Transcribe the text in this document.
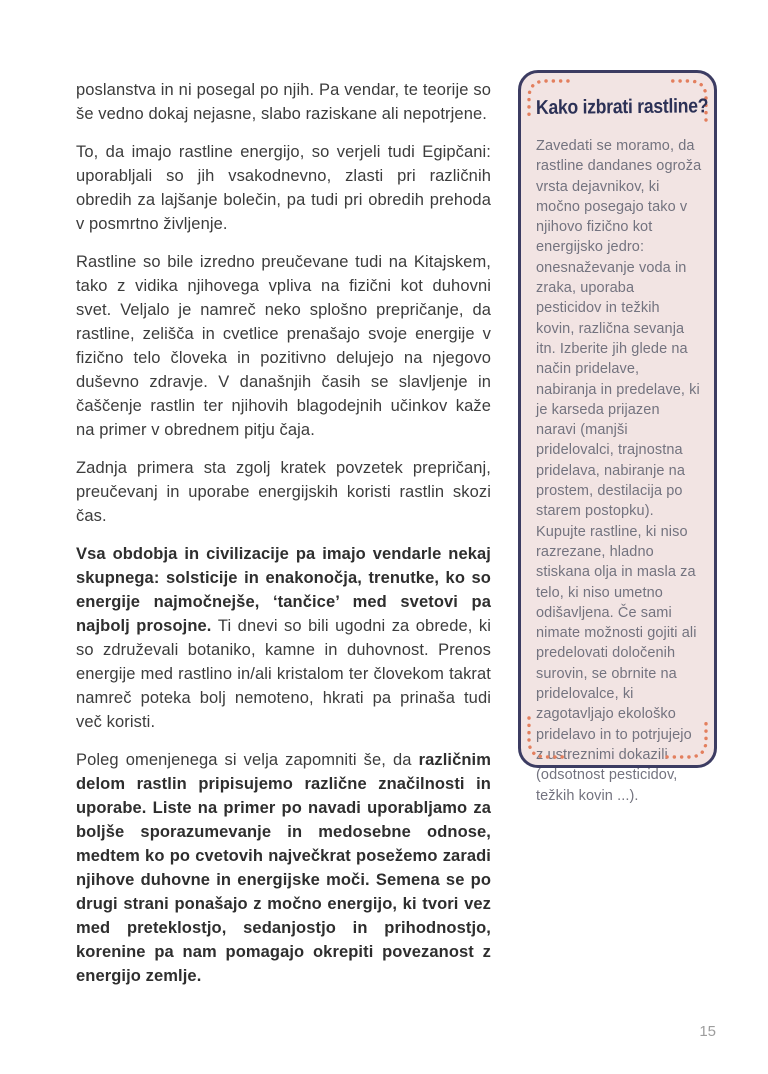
poslanstva in ni posegal po njih. Pa vendar, te teorije so še vedno dokaj nejasne, slabo raziskane ali nepotrjene.

To, da imajo rastline energijo, so verjeli tudi Egipčani: uporabljali so jih vsakodnevno, zlasti pri različnih obredih za lajšanje bolečin, pa tudi pri obredih prehoda v posmrtno življenje.

Rastline so bile izredno preučevane tudi na Kitajskem, tako z vidika njihovega vpliva na fizični kot duhovni svet. Veljalo je namreč neko splošno prepričanje, da rastline, zelišča in cvetlice prenašajo svoje energije v fizično telo človeka in pozitivno delujejo na njegovo duševno zdravje. V današnjih časih se slavljenje in čaščenje rastlin ter njihovih blagodejnih učinkov kaže na primer v obrednem pitju čaja.

Zadnja primera sta zgolj kratek povzetek prepričanj, preučevanj in uporabe energijskih koristi rastlin skozi čas.

Vsa obdobja in civilizacije pa imajo vendarle nekaj skupnega: solsticije in enakonočja, trenutke, ko so energije najmočnejše, ‘tančice’ med svetovi pa najbolj prosojne. Ti dnevi so bili ugodni za obrede, ki so združevali botaniko, kamne in duhovnost. Prenos energije med rastlino in/ali kristalom ter človekom takrat namreč poteka bolj nemoteno, hkrati pa prinaša tudi več koristi.

Poleg omenjenega si velja zapomniti še, da različnim delom rastlin pripisujemo različne značilnosti in uporabe. Liste na primer po navadi uporabljamo za boljše sporazumevanje in medosebne odnose, medtem ko po cvetovih največkrat posežemo zaradi njihove duhovne in energijske moči. Semena se po drugi strani ponašajo z močno energijo, ki tvori vez med preteklostjo, sedanjostjo in prihodnostjo, korenine pa nam pomagajo okrepiti povezanost z energijo zemlje.

Kako izbrati rastline?
Zavedati se moramo, da rastline dandanes ogroža vrsta dejavnikov, ki močno posegajo tako v njihovo fizično kot energijsko jedro: onesnaževanje voda in zraka, uporaba pesticidov in težkih kovin, različna sevanja itn. Izberite jih glede na način pridelave, nabiranja in predelave, ki je karseda prijazen naravi (manjši pridelovalci, trajnostna pridelava, nabiranje na prostem, destilacija po starem postopku). Kupujte rastline, ki niso razrezane, hladno stiskana olja in masla za telo, ki niso umetno odišavljena. Če sami nimate možnosti gojiti ali predelovati določenih surovin, se obrnite na pridelovalce, ki zagotavljajo ekološko pridelavo in to potrjujejo z ustreznimi dokazili (odsotnost pesticidov, težkih kovin ...).
15
